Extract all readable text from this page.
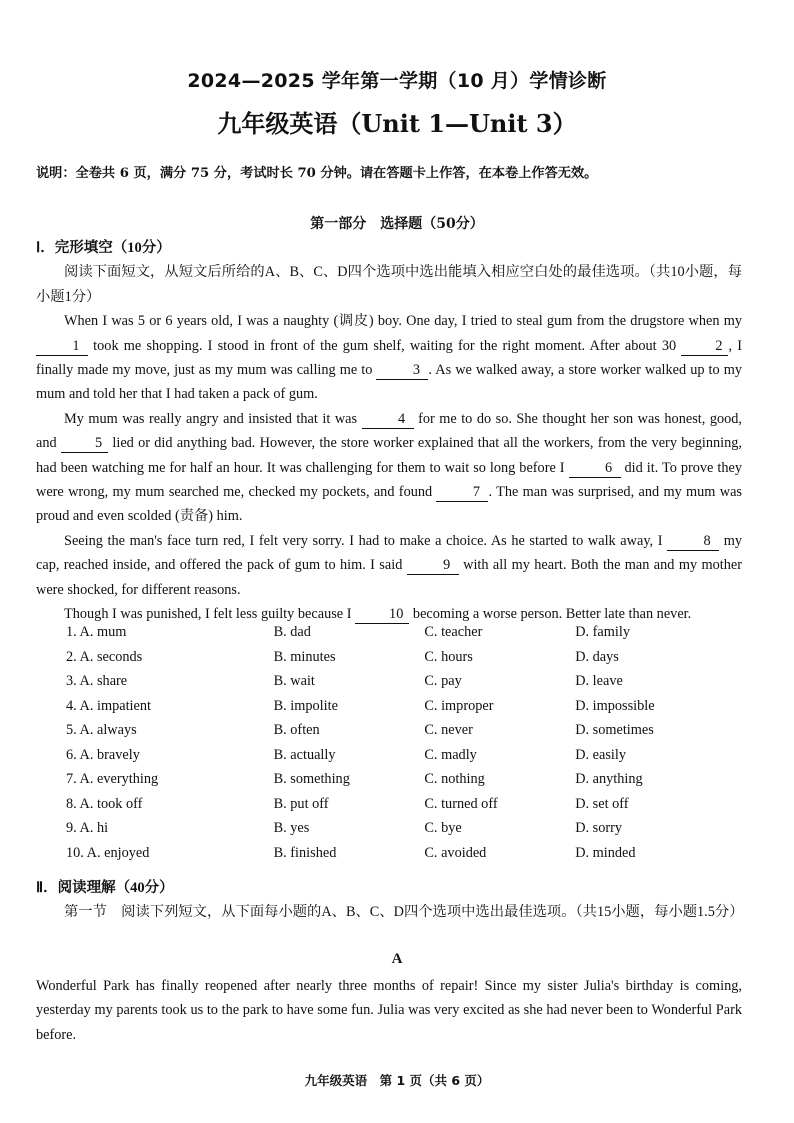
2024—2025 学年第一学期（10 月）学情诊断
九年级英语（Unit 1—Unit 3）
说明：全卷共 6 页，满分 75 分，考试时长 70 分钟。请在答题卡上作答，在本卷上作答无效。
第一部分　选择题（50分）
Ⅰ．完形填空（10分）
阅读下面短文，从短文后所给的A、B、C、D四个选项中选出能填入相应空白处的最佳选项。（共10小题，每小题1分）
When I was 5 or 6 years old, I was a naughty (调皮) boy. One day, I tried to steal gum from the drugstore when my 1 took me shopping. I stood in front of the gum shelf, waiting for the right moment. After about 30 2 , I finally made my move, just as my mum was calling me to	3 . As we walked away, a store worker walked up to my mum and told her that I had taken a pack of gum.
My mum was really angry and insisted that it was	4 for me to do so. She thought her son was honest, good, and 5 lied or did anything bad. However, the store worker explained that all the workers, from the very beginning, had been watching me for half an hour. It was challenging for them to wait so long before I	6 did it. To prove they were wrong, my mum searched me, checked my pockets, and found	7 . The man was surprised, and my mum was proud and even scolded (责备) him.
Seeing the man's face turn red, I felt very sorry. I had to make a choice. As he started to walk away, I	8 my cap, reached inside, and offered the pack of gum to him. I said	9 with all my heart. Both the man and my mother were shocked, for different reasons.
Though I was punished, I felt less guilty because I 10 becoming a worse person. Better late than never.
1. A. mum	B. dad	C. teacher	D. family
2. A. seconds	B. minutes	C. hours	D. days
3. A. share	B. wait	C. pay	D. leave
4. A. impatient	B. impolite	C. improper	D. impossible
5. A. always	B. often	C. never	D. sometimes
6. A. bravely	B. actually	C. madly	D. easily
7. A. everything	B. something	C. nothing	D. anything
8. A. took off	B. put off	C. turned off	D. set off
9. A. hi	B. yes	C. bye	D. sorry
10. A. enjoyed	B. finished	C. avoided	D. minded
Ⅱ．阅读理解（40分）
第一节　阅读下列短文，从下面每小题的A、B、C、D四个选项中选出最佳选项。（共15小题，每小题1.5分）
A
Wonderful Park has finally reopened after nearly three months of repair! Since my sister Julia's birthday is coming, yesterday my parents took us to the park to have some fun. Julia was very excited as she had never been to Wonderful Park before.
九年级英语　第 1 页（共 6 页）
